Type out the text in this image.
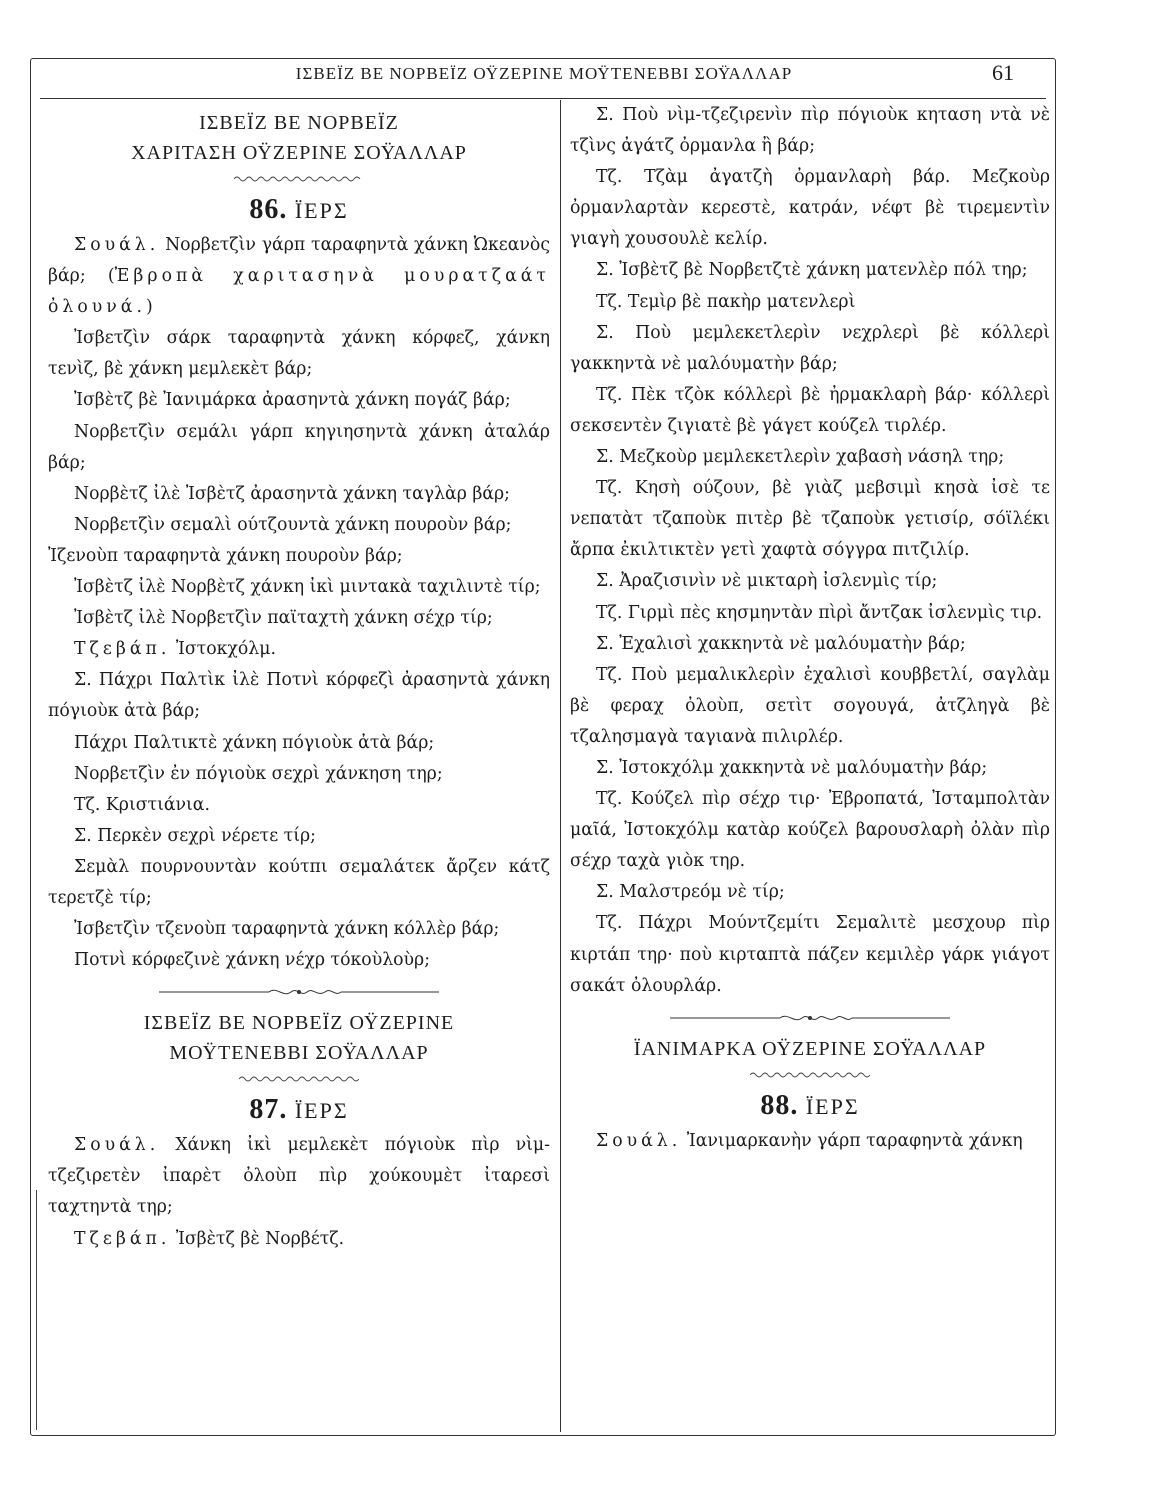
ΙΣΒΕΪΖ ΒΕ ΝΟΡΒΕΪΖ ΟΫΖΕΡΙΝΕ ΜΟΫΤΕΝΕΒΒΙ ΣΟΫΑΛΛΑΡ	61
ΙΣΒΕΪΖ ΒΕ ΝΟΡΒΕΪΖ
ΧΑΡΙΤΑΣΗ ΟΫΖΕΡΙΝΕ ΣΟΫΑΛΛΑΡ
86. ΪΕΡΣ

Σουάλ. Νορβετζὶν γάρπ ταραφηντὰ χάνκη Ὠκεανὸς βάρ; (Ἐβροπὰ χαριτασηνὰ μουρατζαάτ ὀλουνά.)

Ἰσβετζὶν σάρκ ταραφηντὰ χάνκη κόρφεζ, χάνκη τενὶζ, βὲ χάνκη μεμλεκὲτ βάρ;

Ἰσβὲτζ βὲ Ἰανιμάρκα ἀρασηντὰ χάνκη πογάζ βάρ;

Νορβετζὶν σεμάλι γάρπ κηγιησηντὰ χάνκη ἀταλάρ βάρ;

Νορβὲτζ ἰλὲ Ἰσβὲτζ ἀρασηντὰ χάνκη ταγλὰρ βάρ;

Νορβετζὶν σεμαλὶ ούτζουντὰ χάνκη πουροὺν βάρ;

Ἰζενοὺπ ταραφηντὰ χάνκη πουροὺν βάρ;

Ἰσβὲτζ ἰλὲ Νορβὲτζ χάνκη ἰκὶ μιντακὰ ταχιλιντὲ τίρ;

Ἰσβὲτζ ἰλὲ Νορβετζὶν παϊταχτὴ χάνκη σέχρ τίρ;

Τζεβάπ. Ἰστοκχόλμ.

Σ. Πάχρι Παλτὶκ ἰλὲ Ποτνὶ κόρφεζὶ ἀρασηντὰ χάνκη πόγιοὺκ ἀτὰ βάρ;

Πάχρι Παλτικτὲ χάνκη πόγιοὺκ ἀτὰ βάρ;

Νορβετζὶν ἐν πόγιοὺκ σεχρὶ χάνκηση τηρ;

Τζ. Κριστιάνια.

Σ. Περκὲν σεχρὶ νέρετε τίρ;

Σεμὰλ πουρνουντὰν κούτπι σεμαλάτεκ ἄρζεν κάτζ τερετζὲ τίρ;

Ἰσβετζὶν τζενοὺπ ταραφηντὰ χάνκη κόλλὲρ βάρ;

Ποτνὶ κόρφεζινὲ χάνκη νέχρ τόκοὺλοὺρ;

ΙΣΒΕΪΖ ΒΕ ΝΟΡΒΕΪΖ ΟΫΖΕΡΙΝΕ
ΜΟΫΤΕΝΕΒΒΙ ΣΟΫΑΛΛΑΡ
87. ΪΕΡΣ

Σουάλ. Χάνκη ἰκὶ μεμλεκὲτ πόγιοὺκ πὶρ νὶμ-τζεζιρετὲν ἰπαρὲτ ὀλοὺπ πὶρ χούκουμὲτ ἰταρεσὶ ταχτηντὰ τηρ;

Τζεβάπ. Ἰσβὲτζ βὲ Νορβέτζ.

Σ. Ποὺ νὶμ-τζεζιρενὶν πὶρ πόγιοὺκ κηταση ντὰ νὲ τζὶνς ἀγάτζ ὀρμανλα ἢ βάρ;

Τζ. Τζὰμ ἀγατζὴ ὀρμανλαρὴ βάρ. Μεζκοὺρ ὀρμανλαρτὰν κερεστὲ, κατράν, νέφτ βὲ τιρεμεντὶν γιαγὴ χουσουλὲ κελίρ.

Σ. Ἰσβὲτζ βὲ Νορβετζτὲ χάνκη ματενλὲρ πόλ τηρ;

Τζ. Τεμὶρ βὲ πακὴρ ματενλερὶ

Σ. Ποὺ μεμλεκετλερὶν νεχρλερὶ βὲ κόλλερὶ γακκηντὰ νὲ μαλόυματὴν βάρ;

Τζ. Πὲκ τζὸκ κόλλερὶ βὲ ἠρμακλαρὴ βάρ· κόλλερὶ σεκσεντὲν ζιγιατὲ βὲ γάγετ κούζελ τιρλέρ.

Σ. Μεζκοὺρ μεμλεκετλερὶν χαβασὴ νάσηλ τηρ;

Τζ. Κησὴ ούζουν, βὲ γιὰζ μεβσιμὶ κησὰ ἰσὲ τε νεπατὰτ τζαποὺκ πιτὲρ βὲ τζαποὺκ γετισίρ, σόϊλέκι ἄρπα ἐκιλτικτὲν γετὶ χαφτὰ σόγγρα πιτζιλίρ.

Σ. Ἀραζισινὶν νὲ μικταρὴ ἰσλενμὶς τίρ;

Τζ. Γιρμὶ πὲς κησμηντὰν πὶρὶ ἄντζακ ἰσλενμὶς τιρ.

Σ. Ἐχαλισὶ χακκηντὰ νὲ μαλόυματὴν βάρ;

Τζ. Ποὺ μεμαλικλερὶν ἐχαλισὶ κουββετλί, σαγλὰμ βὲ φεραχ ὀλοὺπ, σετὶτ σογουγά, ἀτζληγὰ βὲ τζαλησμαγὰ ταγιανὰ πιλιρλέρ.

Σ. Ἰστοκχόλμ χακκηντὰ νὲ μαλόυματὴν βάρ;

Τζ. Κούζελ πὶρ σέχρ τιρ· Ἐβροπατά, Ἰσταμπολτὰν μαῖά, Ἰστοκχόλμ κατὰρ κούζελ βαρουσλαρὴ ὀλὰν πὶρ σέχρ ταχὰ γιὸκ τηρ.

Σ. Μαλστρεόμ νὲ τίρ;

Τζ. Πάχρι Μούντζεμίτι Σεμαλιτὲ μεσχουρ πὶρ κιρτάπ τηρ· ποὺ κιρταπτὰ πάζεν κεμιλὲρ γάρκ γιάγοτ σακάτ ὀλουρλάρ.

ΪΑΝΙΜΑΡΚΑ ΟΫΖΕΡΙΝΕ ΣΟΫΑΛΛΑΡ
88. ΪΕΡΣ

Σουάλ. Ἰανιμαρκανὴν γάρπ ταραφηντὰ χάνκη
